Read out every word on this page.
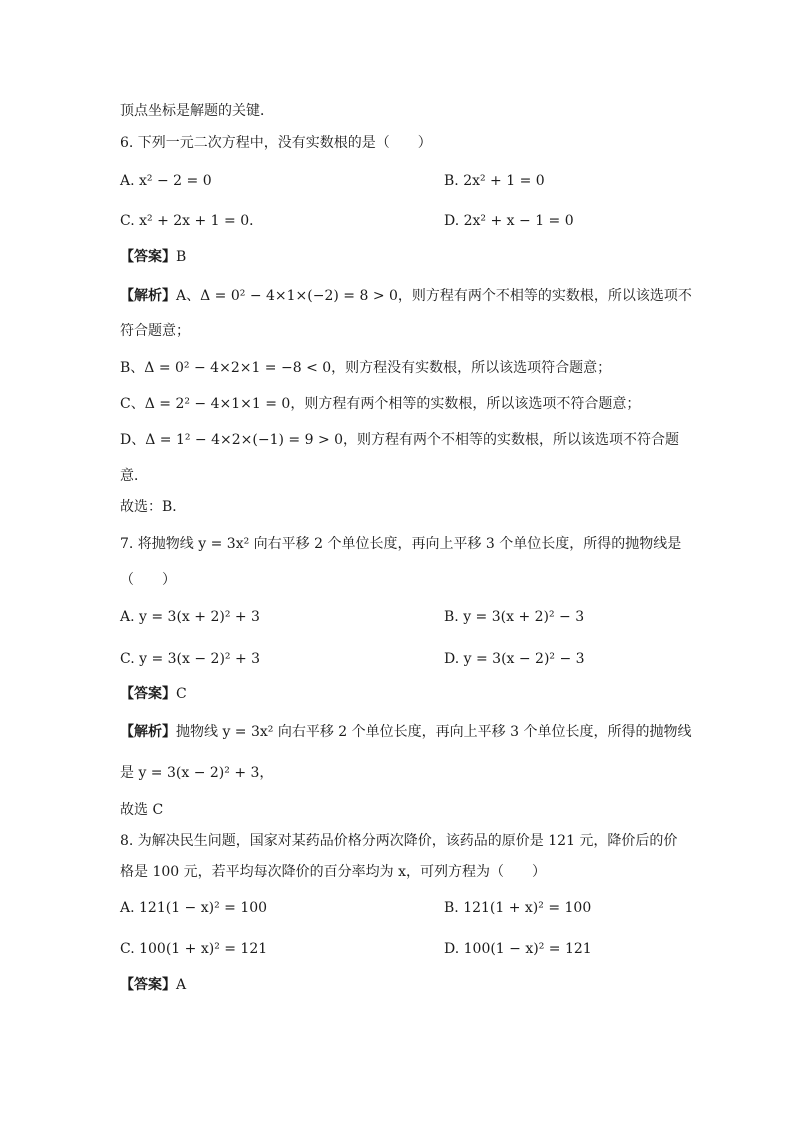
顶点坐标是解题的关键．
6. 下列一元二次方程中，没有实数根的是（　　）
A. x² − 2 = 0	B. 2x² + 1 = 0
C. x² + 2x + 1 = 0．	D. 2x² + x − 1 = 0
【答案】B
【解析】A、Δ = 0² − 4×1×(−2) = 8 > 0，则方程有两个不相等的实数根，所以该选项不
符合题意；
B、Δ = 0² − 4×2×1 = −8 < 0，则方程没有实数根，所以该选项符合题意；
C、Δ = 2² − 4×1×1 = 0，则方程有两个相等的实数根，所以该选项不符合题意；
D、Δ = 1² − 4×2×(−1) = 9 > 0，则方程有两个不相等的实数根，所以该选项不符合题
意．
故选：B．
7. 将抛物线 y = 3x² 向右平移 2 个单位长度，再向上平移 3 个单位长度，所得的抛物线是
（　　）
A. y = 3(x + 2)² + 3	B. y = 3(x + 2)² − 3
C. y = 3(x − 2)² + 3	D. y = 3(x − 2)² − 3
【答案】C
【解析】抛物线 y = 3x² 向右平移 2 个单位长度，再向上平移 3 个单位长度，所得的抛物线
是 y = 3(x − 2)² + 3，
故选 C
8. 为解决民生问题，国家对某药品价格分两次降价，该药品的原价是 121 元，降价后的价
格是 100 元，若平均每次降价的百分率均为 x，可列方程为（　　）
A. 121(1 − x)² = 100	B. 121(1 + x)² = 100
C. 100(1 + x)² = 121	D. 100(1 − x)² = 121
【答案】A
